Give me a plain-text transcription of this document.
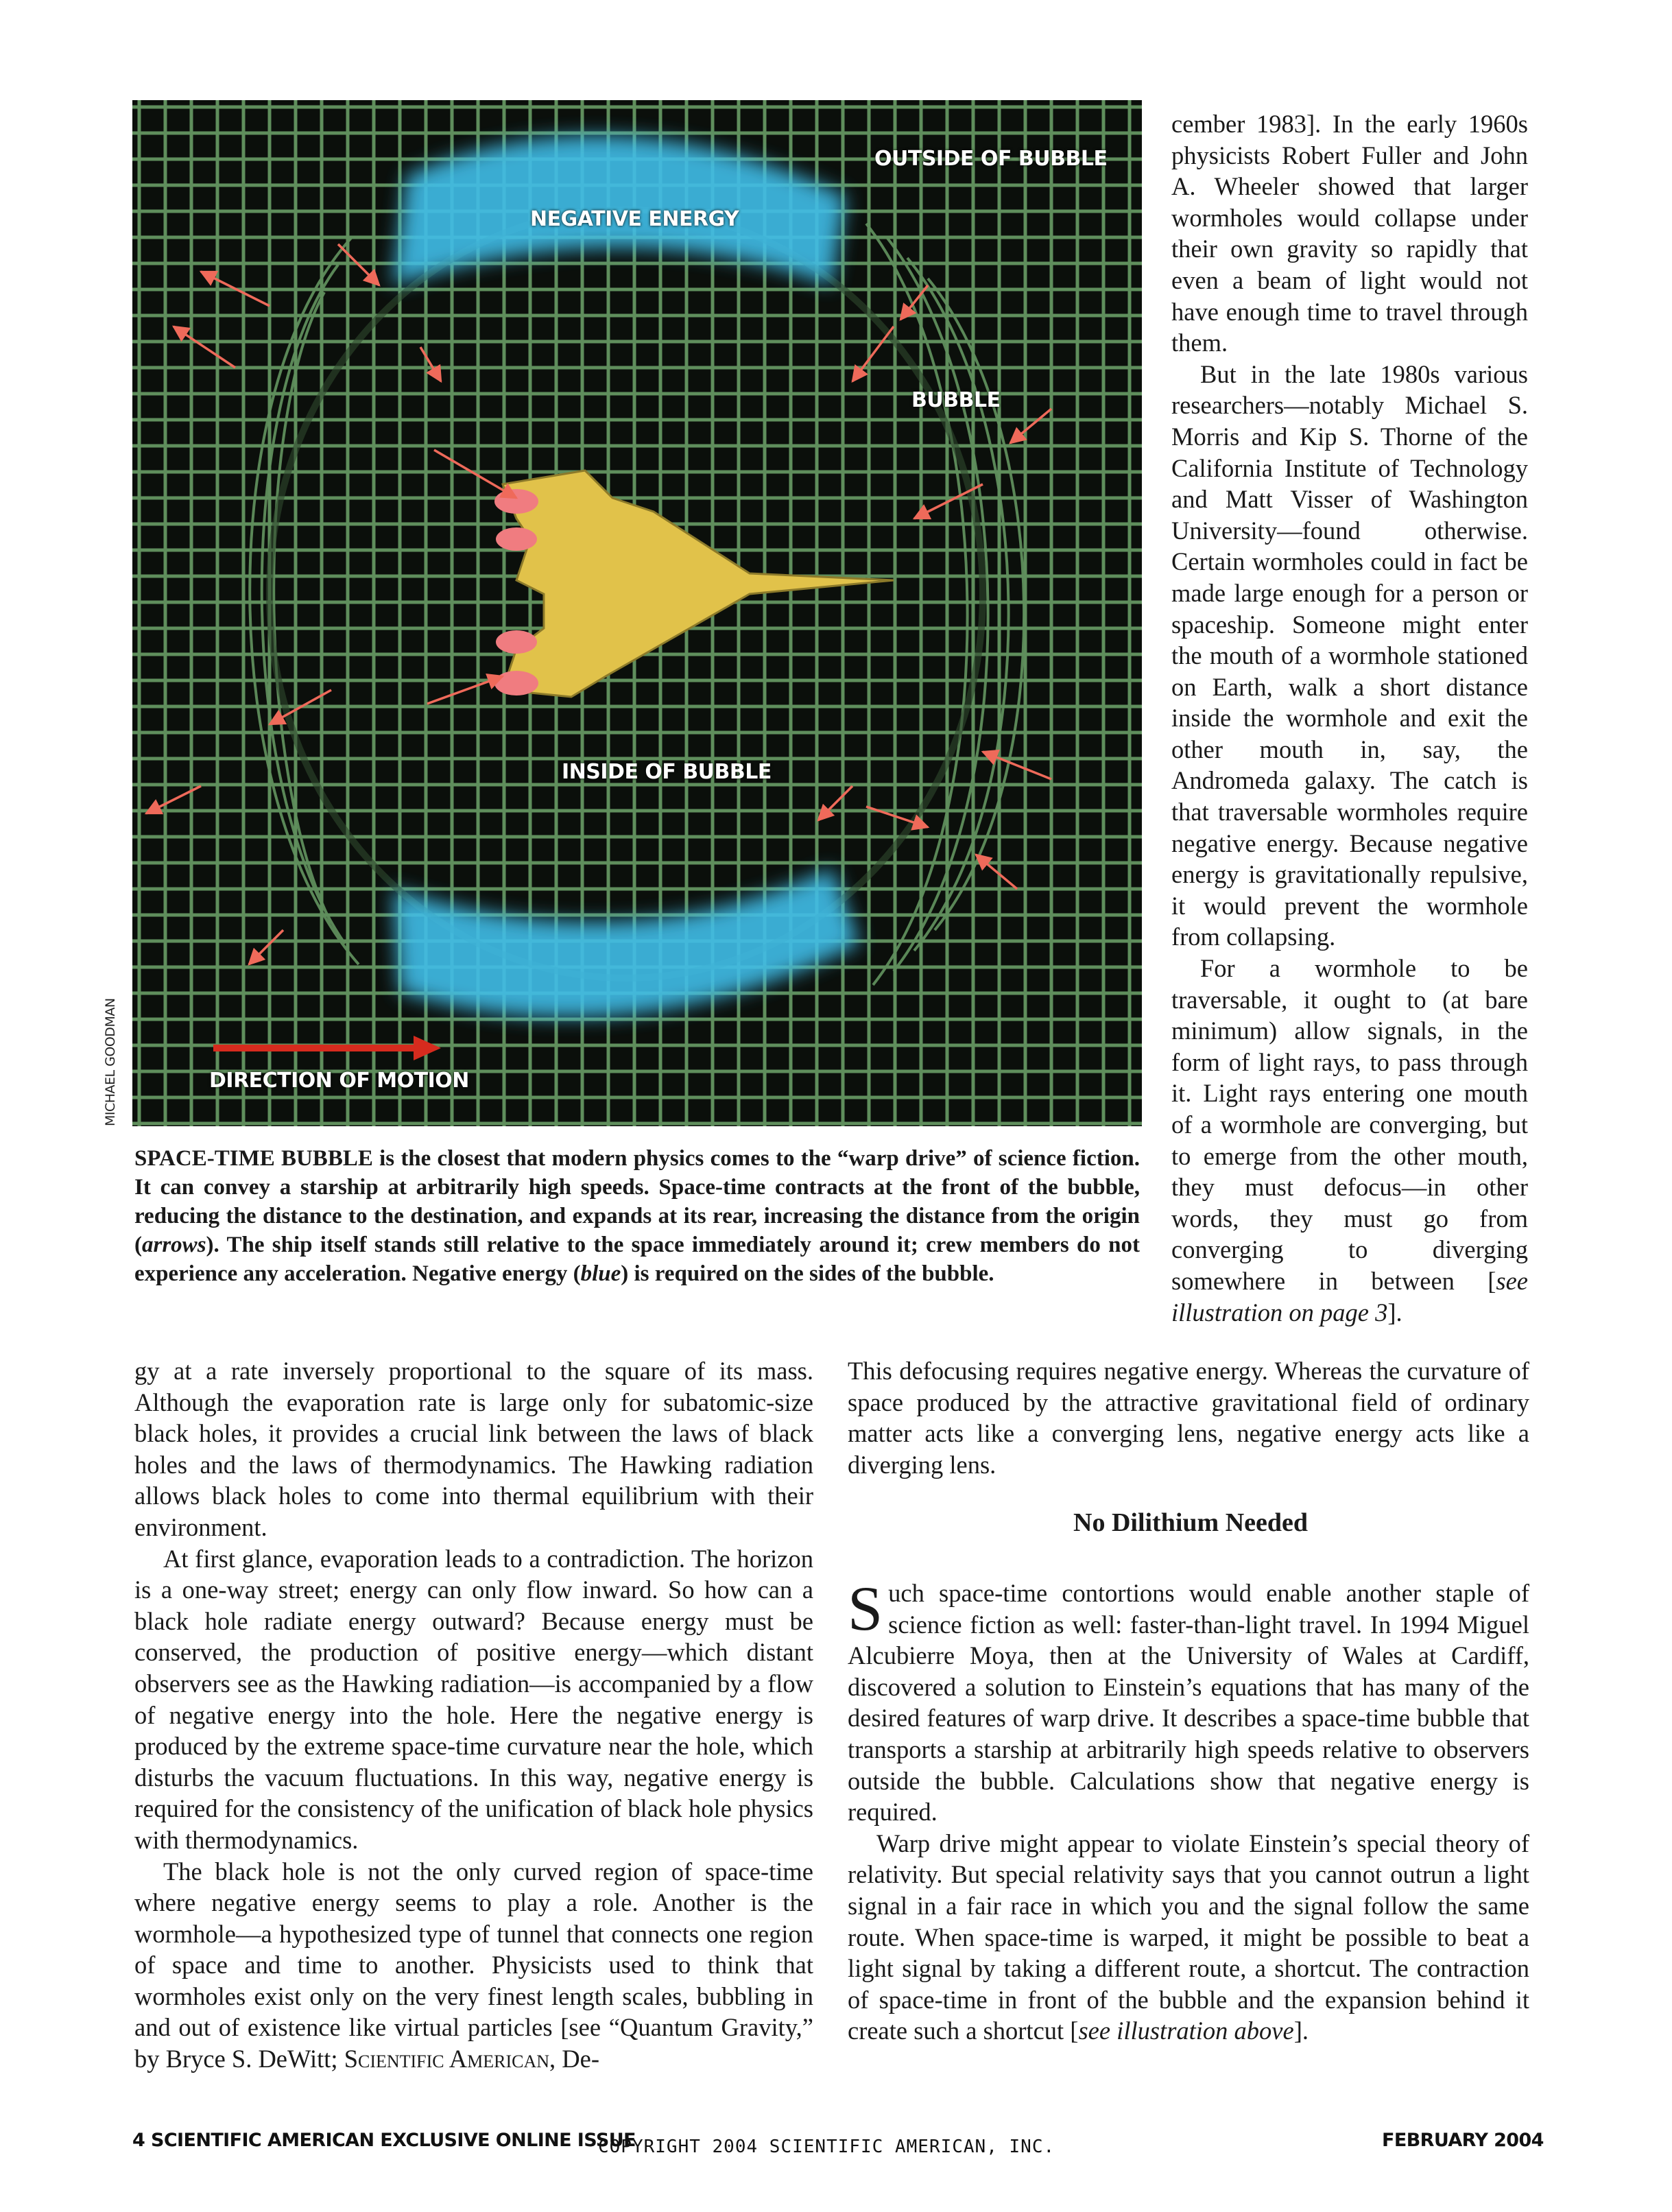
OUTSIDE OF BUBBLE
NEGATIVE ENERGY
BUBBLE
INSIDE OF BUBBLE
DIRECTION OF MOTION
MICHAEL GOODMAN
SPACE-TIME BUBBLE is the closest that modern physics comes to the “warp drive” of science fiction. It can convey a starship at arbitrarily high speeds. Space-time contracts at the front of the bubble, reducing the distance to the destination, and expands at its rear, increasing the distance from the origin (arrows). The ship itself stands still relative to the space immediately around it; crew members do not experience any acceleration. Negative energy (blue) is required on the sides of the bubble.

cember 1983]. In the early 1960s physicists Robert Fuller and John A. Wheeler showed that larger wormholes would collapse under their own gravity so rapidly that even a beam of light would not have enough time to travel through them.

But in the late 1980s various researchers—notably Michael S. Morris and Kip S. Thorne of the California Institute of Technology and Matt Visser of Washington University—found otherwise. Certain wormholes could in fact be made large enough for a person or spaceship. Someone might enter the mouth of a wormhole stationed on Earth, walk a short distance inside the wormhole and exit the other mouth in, say, the Andromeda galaxy. The catch is that traversable wormholes require negative energy. Because negative energy is gravitationally repulsive, it would prevent the wormhole from collapsing.

For a wormhole to be traversable, it ought to (at bare minimum) allow signals, in the form of light rays, to pass through it. Light rays entering one mouth of a wormhole are converging, but to emerge from the other mouth, they must defocus—in other words, they must go from converging to diverging somewhere in between [see illustration on page 3].

gy at a rate inversely proportional to the square of its mass. Although the evaporation rate is large only for subatomic-size black holes, it provides a crucial link between the laws of black holes and the laws of thermodynamics. The Hawking radiation allows black holes to come into thermal equilibrium with their environment.

At first glance, evaporation leads to a contradiction. The horizon is a one-way street; energy can only flow inward. So how can a black hole radiate energy outward? Because energy must be conserved, the production of positive energy—which distant observers see as the Hawking radiation—is accompanied by a flow of negative energy into the hole. Here the negative energy is produced by the extreme space-time curvature near the hole, which disturbs the vacuum fluctuations. In this way, negative energy is required for the consistency of the unification of black hole physics with thermodynamics.

The black hole is not the only curved region of space-time where negative energy seems to play a role. Another is the wormhole—a hypothesized type of tunnel that connects one region of space and time to another. Physicists used to think that wormholes exist only on the very finest length scales, bubbling in and out of existence like virtual particles [see “Quantum Gravity,” by Bryce S. DeWitt; Scientific American, De-

This defocusing requires negative energy. Whereas the curvature of space produced by the attractive gravitational field of ordinary matter acts like a converging lens, negative energy acts like a diverging lens.

No Dilithium Needed

Such space-time contortions would enable another staple of science fiction as well: faster-than-light travel. In 1994 Miguel Alcubierre Moya, then at the University of Wales at Cardiff, discovered a solution to Einstein’s equations that has many of the desired features of warp drive. It describes a space-time bubble that transports a starship at arbitrarily high speeds relative to observers outside the bubble. Calculations show that negative energy is required.

Warp drive might appear to violate Einstein’s special theory of relativity. But special relativity says that you cannot outrun a light signal in a fair race in which you and the signal follow the same route. When space-time is warped, it might be possible to beat a light signal by taking a different route, a shortcut. The contraction of space-time in front of the bubble and the expansion behind it create such a shortcut [see illustration above].

4 SCIENTIFIC AMERICAN EXCLUSIVE ONLINE ISSUE
COPYRIGHT 2004 SCIENTIFIC AMERICAN, INC.	FEBRUARY 2004
